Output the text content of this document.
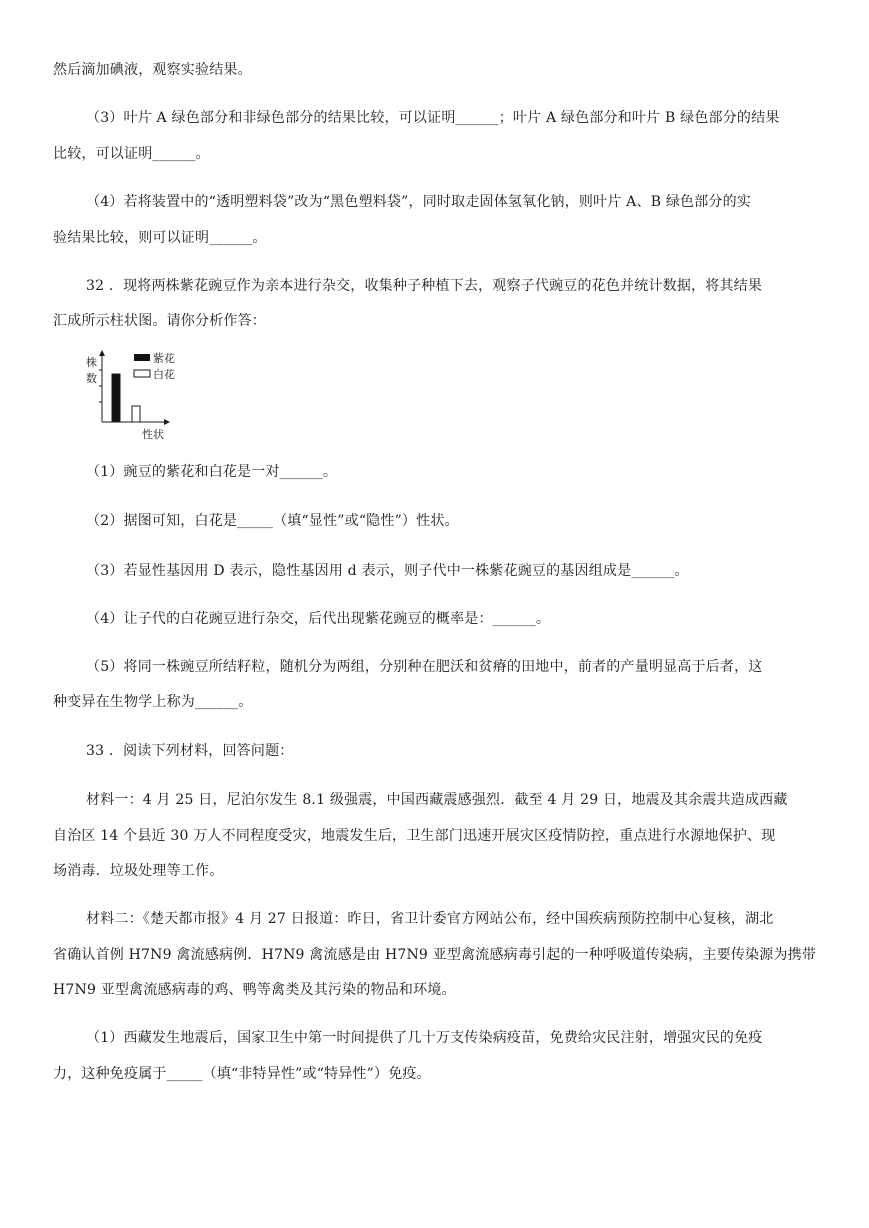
然后滴加碘液，观察实验结果。
（3）叶片 A 绿色部分和非绿色部分的结果比较，可以证明______；叶片 A 绿色部分和叶片 B 绿色部分的结果
比较，可以证明______。
（4）若将装置中的“透明塑料袋”改为“黑色塑料袋”，同时取走固体氢氧化钠，则叶片 A、B 绿色部分的实
验结果比较，则可以证明______。
32 ．现将两株紫花豌豆作为亲本进行杂交，收集种子种植下去，观察子代豌豆的花色并统计数据，将其结果
汇成所示柱状图。请你分析作答：
株
数
紫花
白花
性状
（1）豌豆的紫花和白花是一对______。
（2）据图可知，白花是_____（填“显性”或“隐性”）性状。
（3）若显性基因用 D 表示，隐性基因用 d 表示，则子代中一株紫花豌豆的基因组成是______。
（4）让子代的白花豌豆进行杂交，后代出现紫花豌豆的概率是：______。
（5）将同一株豌豆所结籽粒，随机分为两组，分别种在肥沃和贫瘠的田地中，前者的产量明显高于后者，这
种变异在生物学上称为______。
33 ．阅读下列材料，回答问题：
材料一：4 月 25 日，尼泊尔发生 8.1 级强震，中国西藏震感强烈．截至 4 月 29 日，地震及其余震共造成西藏
自治区 14 个县近 30 万人不同程度受灾，地震发生后，卫生部门迅速开展灾区疫情防控，重点进行水源地保护、现
场消毒．垃圾处理等工作。
材料二：《楚天都市报》4 月 27 日报道：昨日，省卫计委官方网站公布，经中国疾病预防控制中心复核，湖北
省确认首例 H7N9 禽流感病例．H7N9 禽流感是由 H7N9 亚型禽流感病毒引起的一种呼吸道传染病，主要传染源为携带
H7N9 亚型禽流感病毒的鸡、鸭等禽类及其污染的物品和环境。
（1）西藏发生地震后，国家卫生中第一时间提供了几十万支传染病疫苗，免费给灾民注射，增强灾民的免疫
力，这种免疫属于_____（填“非特异性”或“特异性”）免疫。
